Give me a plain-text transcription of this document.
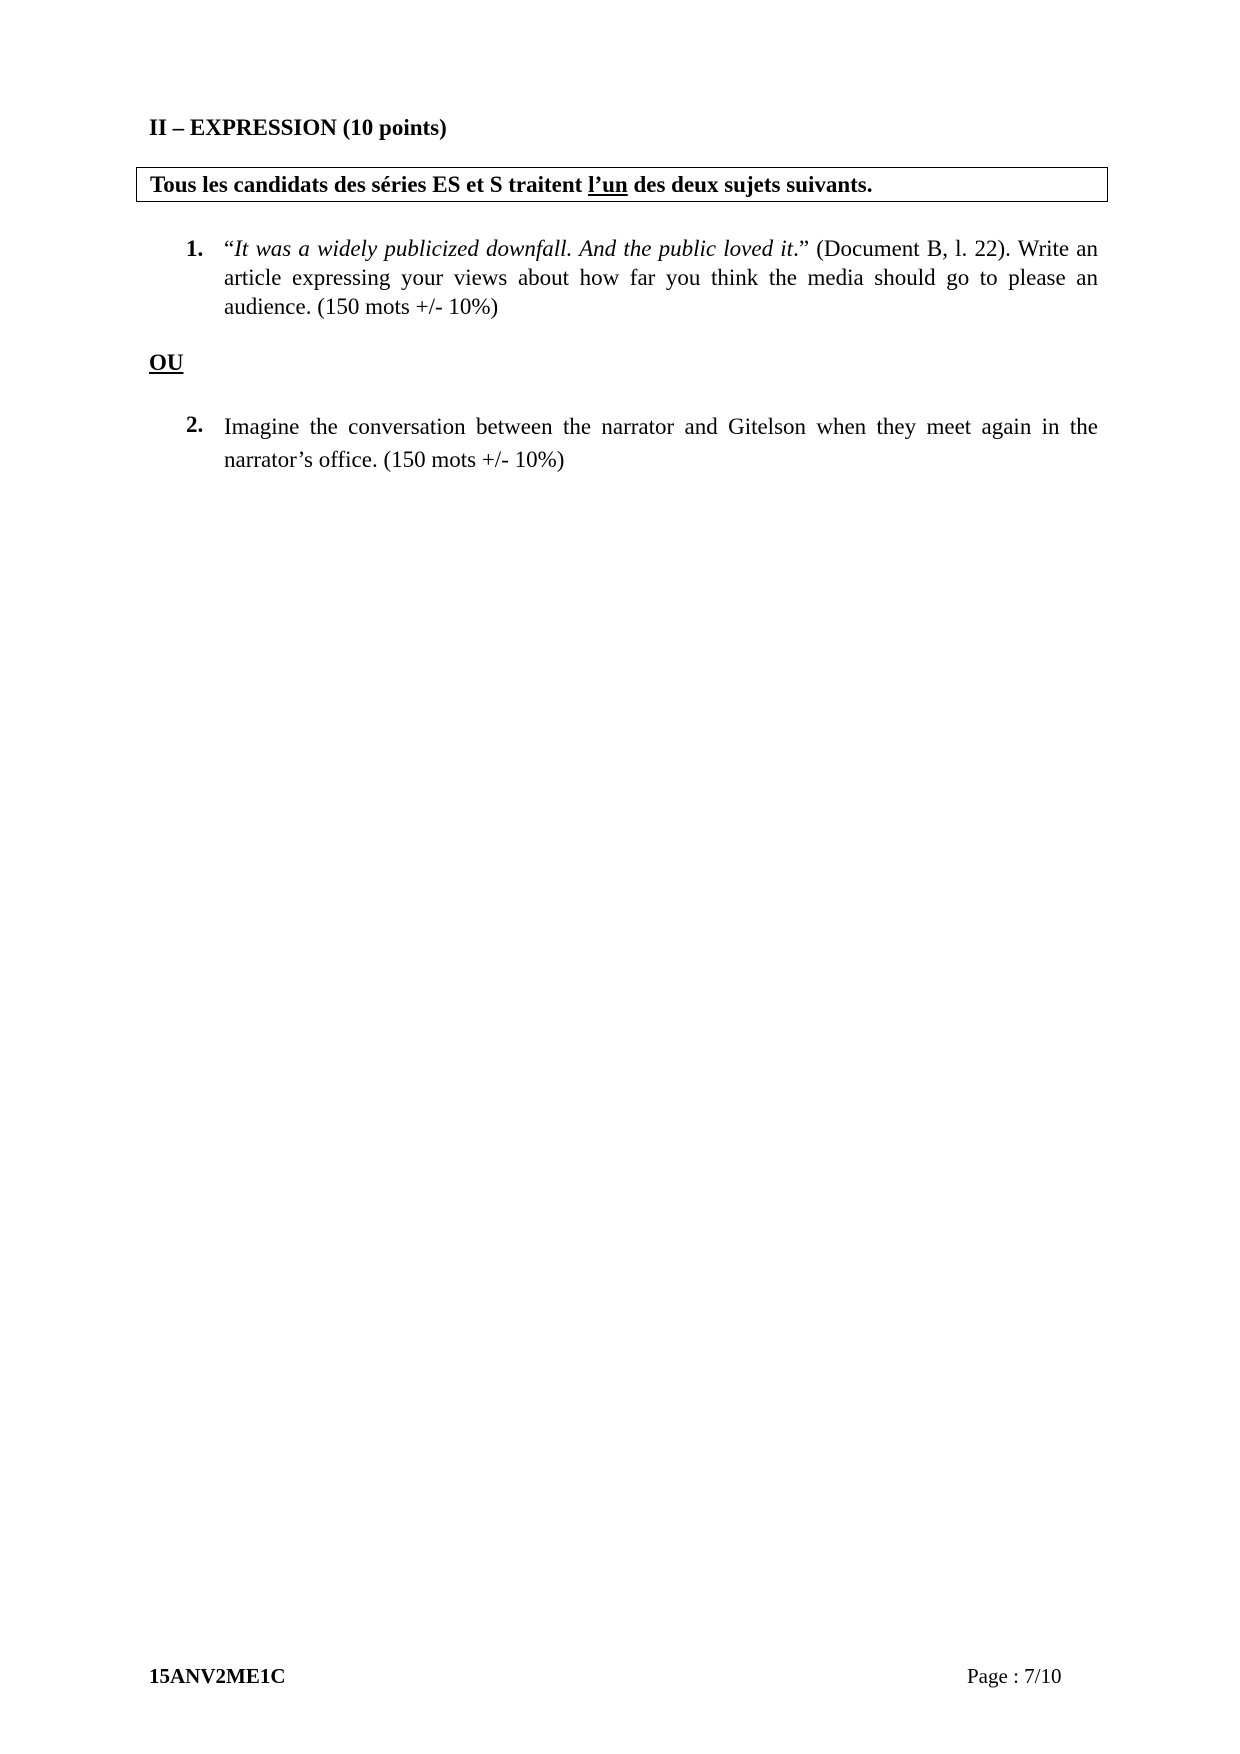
II – EXPRESSION (10 points)
Tous les candidats des séries ES et S traitent l’un des deux sujets suivants.
1. “It was a widely publicized downfall. And the public loved it.” (Document B, l. 22). Write an article expressing your views about how far you think the media should go to please an audience. (150 mots +/- 10%)
OU
2. Imagine the conversation between the narrator and Gitelson when they meet again in the narrator’s office. (150 mots +/- 10%)
15ANV2ME1C	Page : 7/10
